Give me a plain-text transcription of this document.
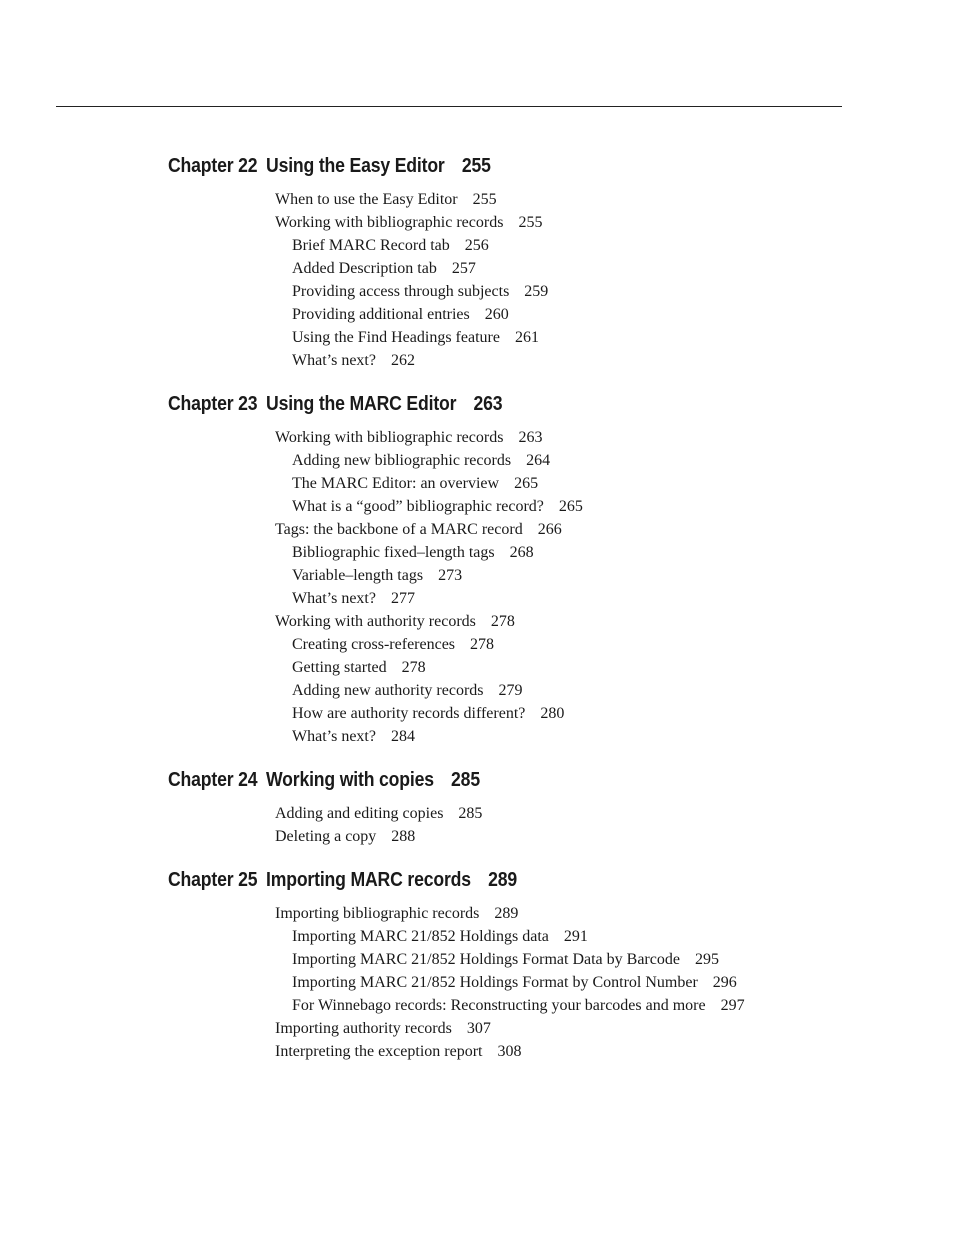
Chapter 22 Using the Easy Editor 255
When to use the Easy Editor 255
Working with bibliographic records 255
Brief MARC Record tab 256
Added Description tab 257
Providing access through subjects 259
Providing additional entries 260
Using the Find Headings feature 261
What’s next? 262
Chapter 23 Using the MARC Editor 263
Working with bibliographic records 263
Adding new bibliographic records 264
The MARC Editor: an overview 265
What is a “good” bibliographic record? 265
Tags: the backbone of a MARC record 266
Bibliographic fixed–length tags 268
Variable–length tags 273
What’s next? 277
Working with authority records 278
Creating cross-references 278
Getting started 278
Adding new authority records 279
How are authority records different? 280
What’s next? 284
Chapter 24 Working with copies 285
Adding and editing copies 285
Deleting a copy 288
Chapter 25 Importing MARC records 289
Importing bibliographic records 289
Importing MARC 21/852 Holdings data 291
Importing MARC 21/852 Holdings Format Data by Barcode 295
Importing MARC 21/852 Holdings Format by Control Number 296
For Winnebago records: Reconstructing your barcodes and more 297
Importing authority records 307
Interpreting the exception report 308
